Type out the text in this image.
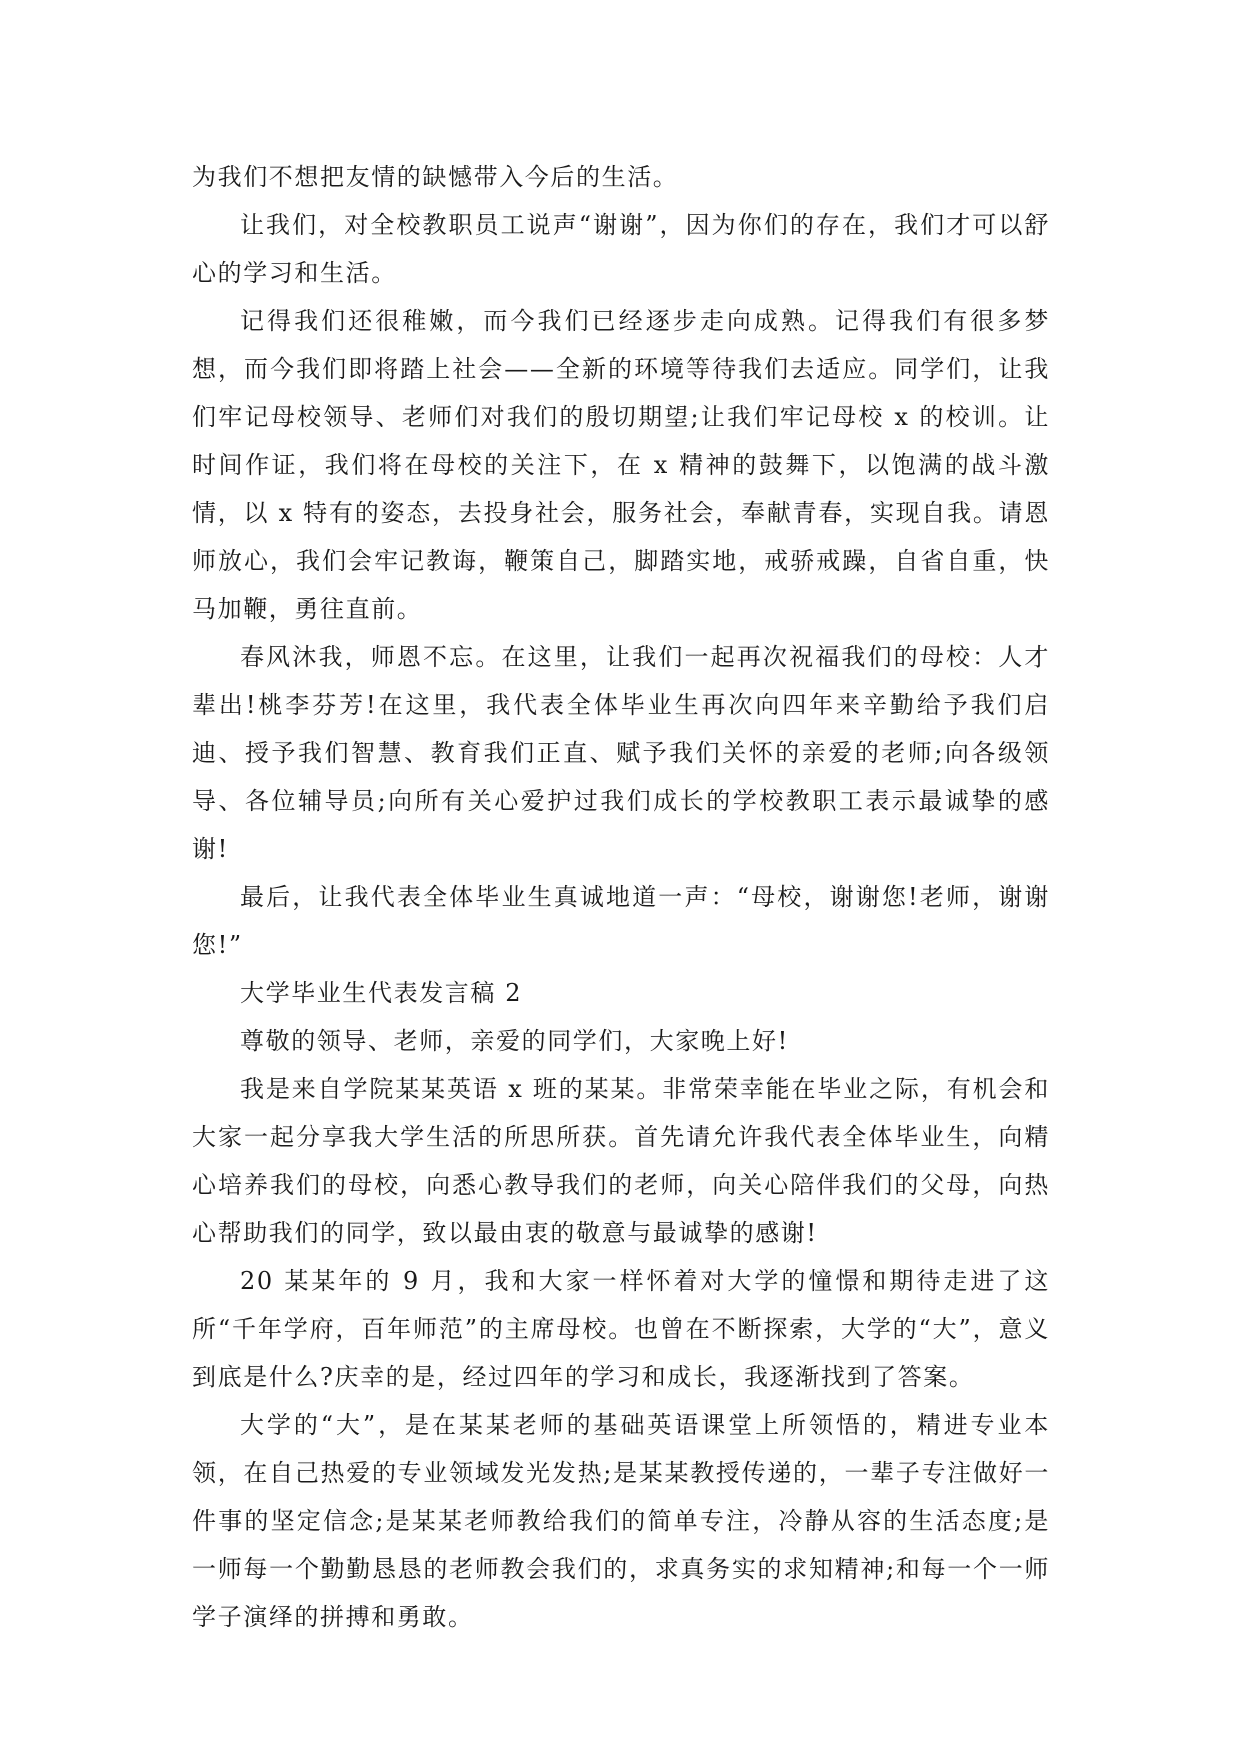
为我们不想把友情的缺憾带入今后的生活。

让我们，对全校教职员工说声“谢谢”，因为你们的存在，我们才可以舒心的学习和生活。

记得我们还很稚嫩，而今我们已经逐步走向成熟。记得我们有很多梦想，而今我们即将踏上社会——全新的环境等待我们去适应。同学们，让我们牢记母校领导、老师们对我们的殷切期望;让我们牢记母校 x 的校训。让时间作证，我们将在母校的关注下，在 x 精神的鼓舞下，以饱满的战斗激情，以 x 特有的姿态，去投身社会，服务社会，奉献青春，实现自我。请恩师放心，我们会牢记教诲，鞭策自己，脚踏实地，戒骄戒躁，自省自重，快马加鞭，勇往直前。

春风沐我，师恩不忘。在这里，让我们一起再次祝福我们的母校：人才辈出!桃李芬芳!在这里，我代表全体毕业生再次向四年来辛勤给予我们启迪、授予我们智慧、教育我们正直、赋予我们关怀的亲爱的老师;向各级领导、各位辅导员;向所有关心爱护过我们成长的学校教职工表示最诚挚的感谢!

最后，让我代表全体毕业生真诚地道一声：“母校，谢谢您!老师，谢谢您!”

大学毕业生代表发言稿 2

尊敬的领导、老师，亲爱的同学们，大家晚上好!

我是来自学院某某英语 x 班的某某。非常荣幸能在毕业之际，有机会和大家一起分享我大学生活的所思所获。首先请允许我代表全体毕业生，向精心培养我们的母校，向悉心教导我们的老师，向关心陪伴我们的父母，向热心帮助我们的同学，致以最由衷的敬意与最诚挚的感谢!

20 某某年的 9 月，我和大家一样怀着对大学的憧憬和期待走进了这所“千年学府，百年师范”的主席母校。也曾在不断探索，大学的“大”，意义到底是什么?庆幸的是，经过四年的学习和成长，我逐渐找到了答案。

大学的“大”，是在某某老师的基础英语课堂上所领悟的，精进专业本领，在自己热爱的专业领域发光发热;是某某教授传递的，一辈子专注做好一件事的坚定信念;是某某老师教给我们的简单专注，冷静从容的生活态度;是一师每一个勤勤恳恳的老师教会我们的，求真务实的求知精神;和每一个一师学子演绎的拼搏和勇敢。
